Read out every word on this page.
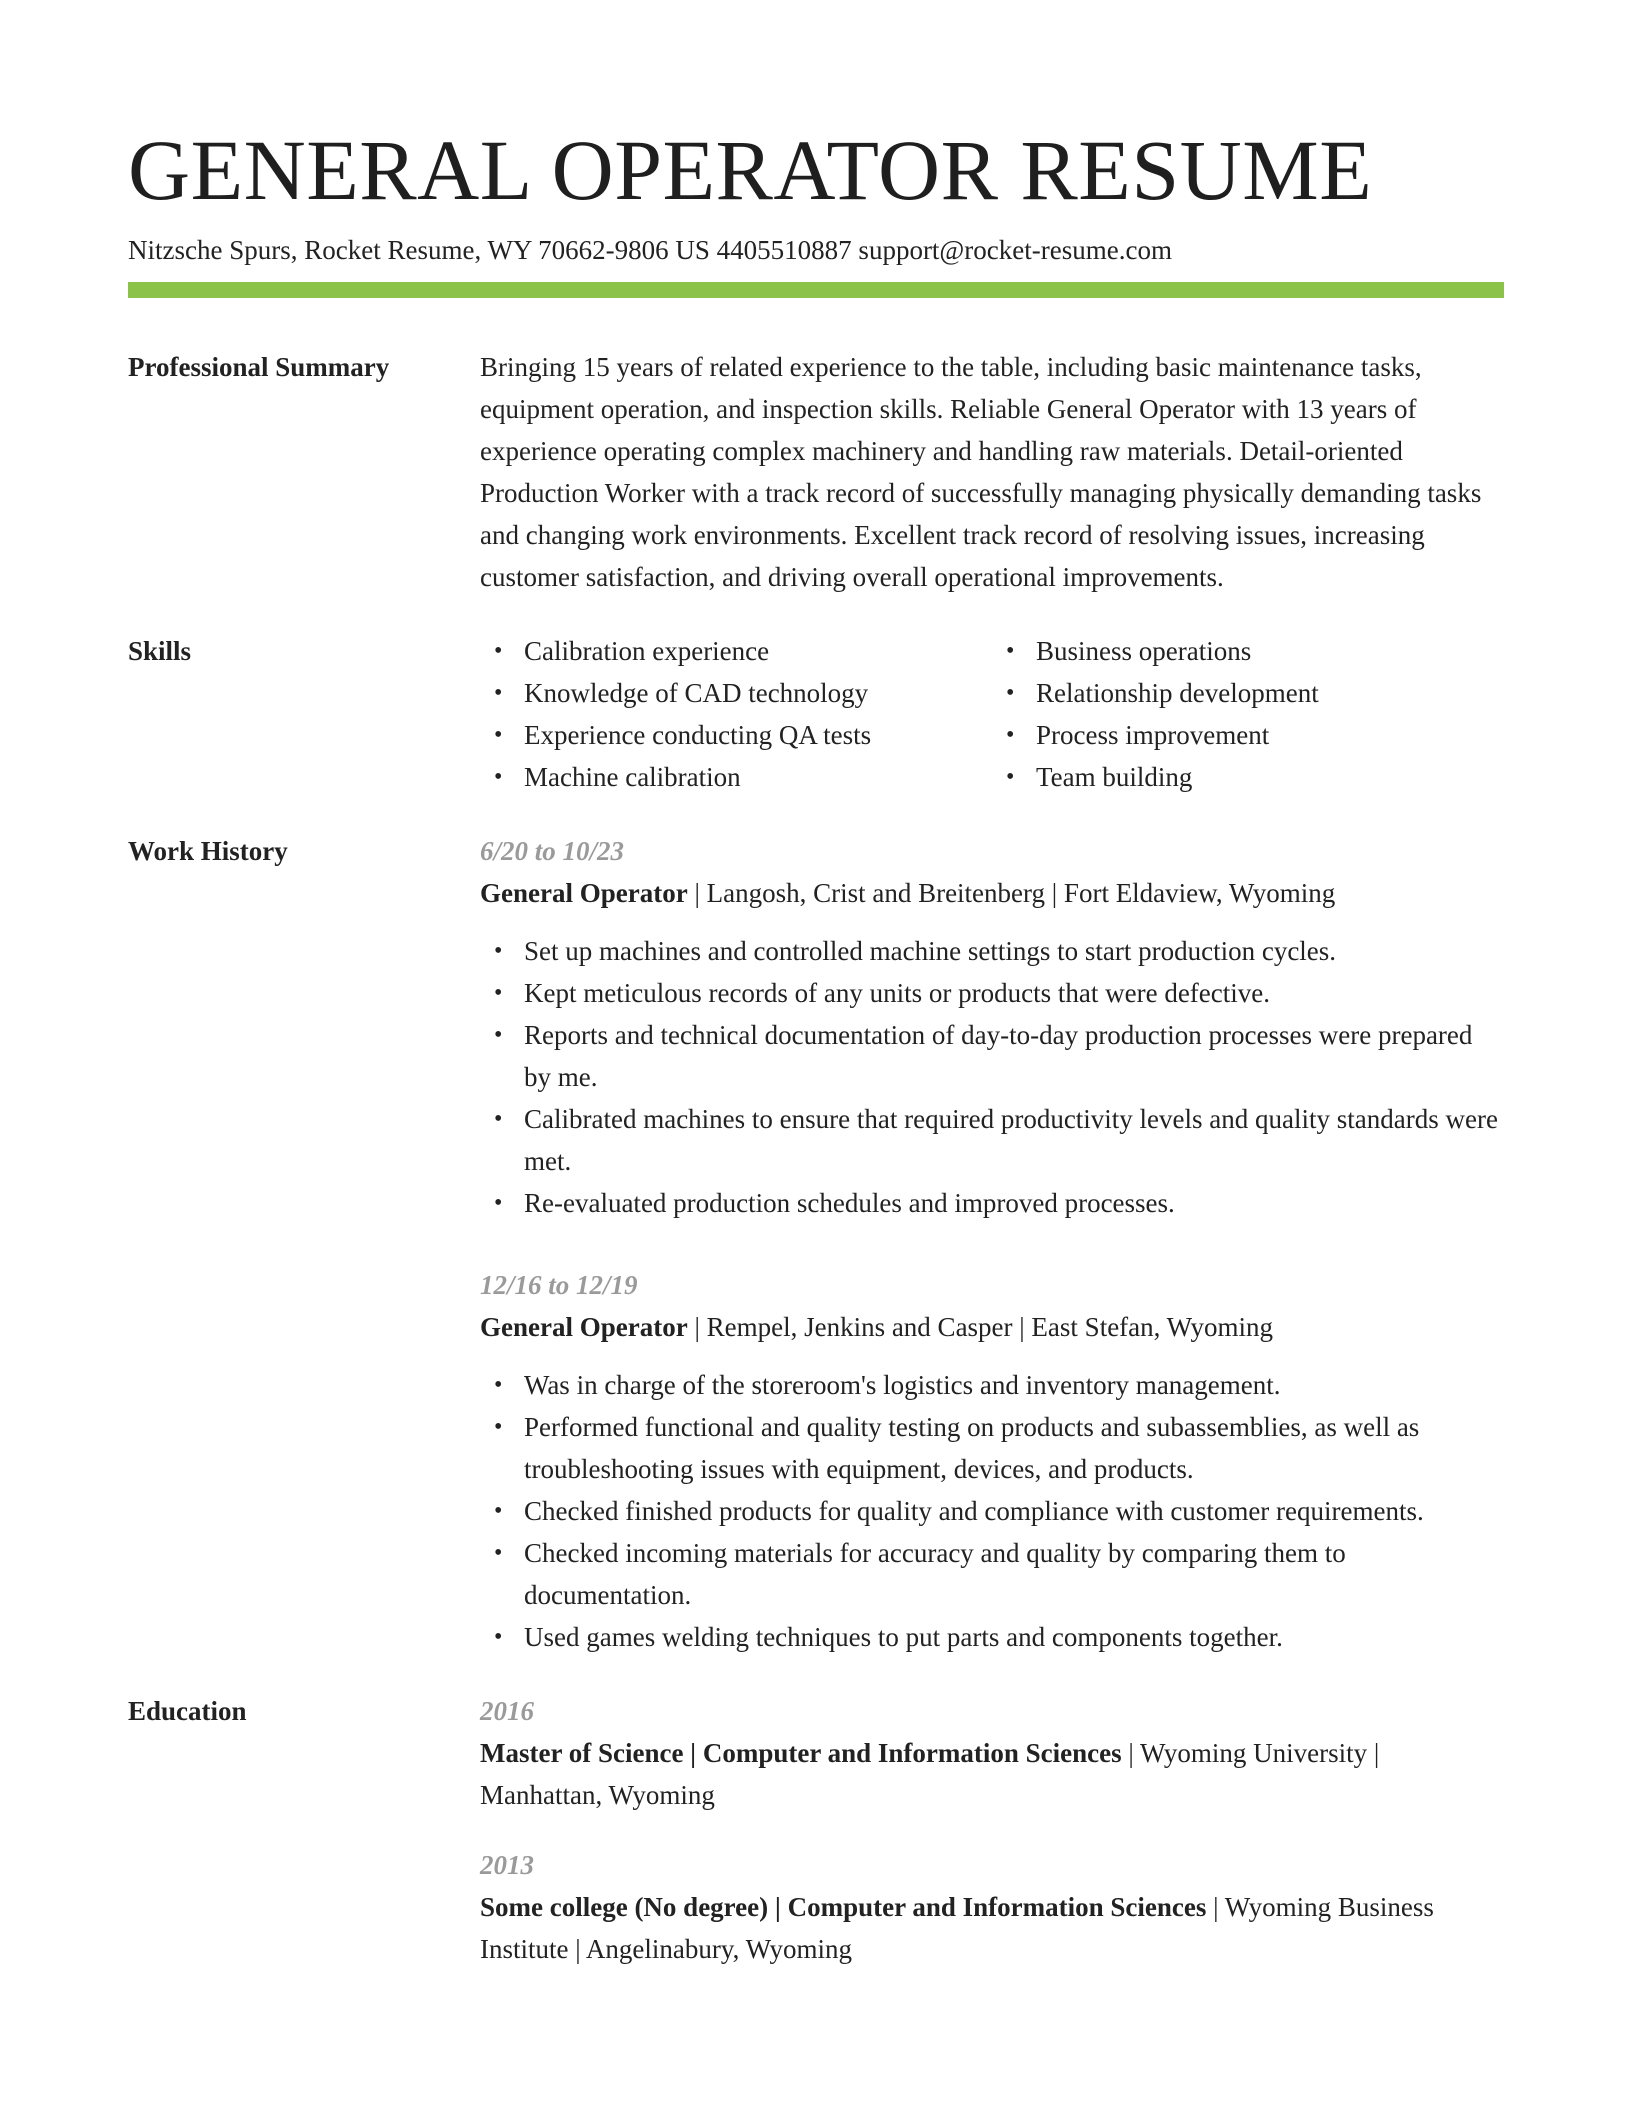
GENERAL OPERATOR RESUME
Nitzsche Spurs, Rocket Resume, WY 70662-9806 US 4405510887 support@rocket-resume.com
Professional Summary	Bringing 15 years of related experience to the table, including basic maintenance tasks, equipment operation, and inspection skills. Reliable General Operator with 13 years of experience operating complex machinery and handling raw materials. Detail-oriented Production Worker with a track record of successfully managing physically demanding tasks and changing work environments. Excellent track record of resolving issues, increasing customer satisfaction, and driving overall operational improvements.
Skills
•	Calibration experience
• Knowledge of CAD technology
• Experience conducting QA tests
• Machine calibration
• Business operations
• Relationship development
• Process improvement
• Team building
Work History	6/20 to 10/23
General Operator | Langosh, Crist and Breitenberg | Fort Eldaview, Wyoming
• Set up machines and controlled machine settings to start production cycles.
• Kept meticulous records of any units or products that were defective.
• Reports and technical documentation of day-to-day production processes were prepared by me.
• Calibrated machines to ensure that required productivity levels and quality standards were met.
• Re-evaluated production schedules and improved processes.
12/16 to 12/19
General Operator | Rempel, Jenkins and Casper | East Stefan, Wyoming
• Was in charge of the storeroom's logistics and inventory management.
• Performed functional and quality testing on products and subassemblies, as well as troubleshooting issues with equipment, devices, and products.
• Checked finished products for quality and compliance with customer requirements.
• Checked incoming materials for accuracy and quality by comparing them to documentation.
• Used games welding techniques to put parts and components together.
Education	2016
Master of Science | Computer and Information Sciences | Wyoming University | Manhattan, Wyoming
2013
Some college (No degree) | Computer and Information Sciences | Wyoming Business Institute | Angelinabury, Wyoming
